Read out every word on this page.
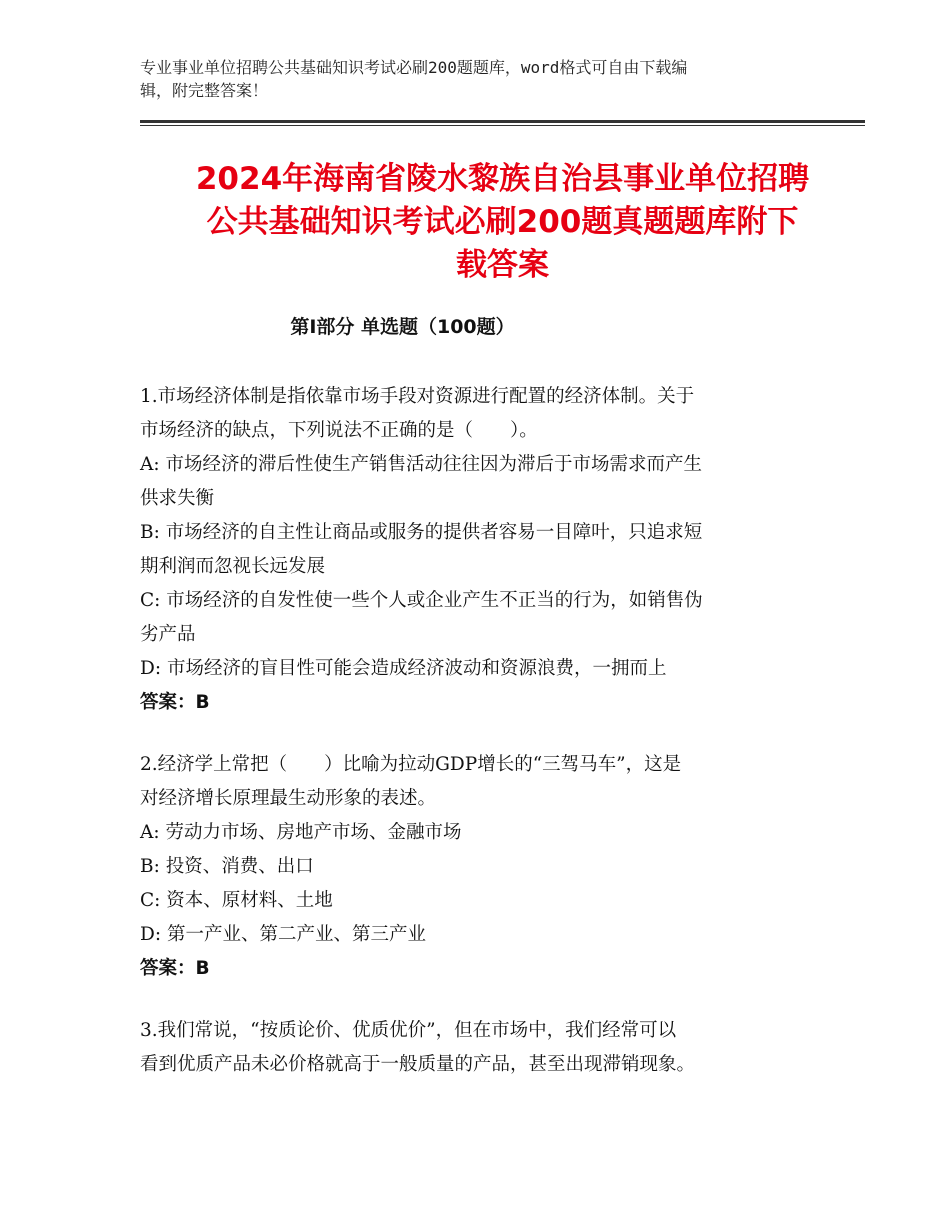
专业事业单位招聘公共基础知识考试必刷200题题库，word格式可自由下载编
辑，附完整答案！
2024年海南省陵水黎族自治县事业单位招聘
公共基础知识考试必刷200题真题题库附下
载答案
第Ⅰ部分 单选题（100题）
1.市场经济体制是指依靠市场手段对资源进行配置的经济体制。关于
市场经济的缺点，下列说法不正确的是（　　）。
A: 市场经济的滞后性使生产销售活动往往因为滞后于市场需求而产生
供求失衡
B: 市场经济的自主性让商品或服务的提供者容易一目障叶，只追求短
期利润而忽视长远发展
C: 市场经济的自发性使一些个人或企业产生不正当的行为，如销售伪
劣产品
D: 市场经济的盲目性可能会造成经济波动和资源浪费，一拥而上
答案：B
2.经济学上常把（　　）比喻为拉动GDP增长的“三驾马车”，这是
对经济增长原理最生动形象的表述。
A: 劳动力市场、房地产市场、金融市场
B: 投资、消费、出口
C: 资本、原材料、土地
D: 第一产业、第二产业、第三产业
答案：B
3.我们常说，“按质论价、优质优价”，但在市场中，我们经常可以
看到优质产品未必价格就高于一般质量的产品，甚至出现滞销现象。
